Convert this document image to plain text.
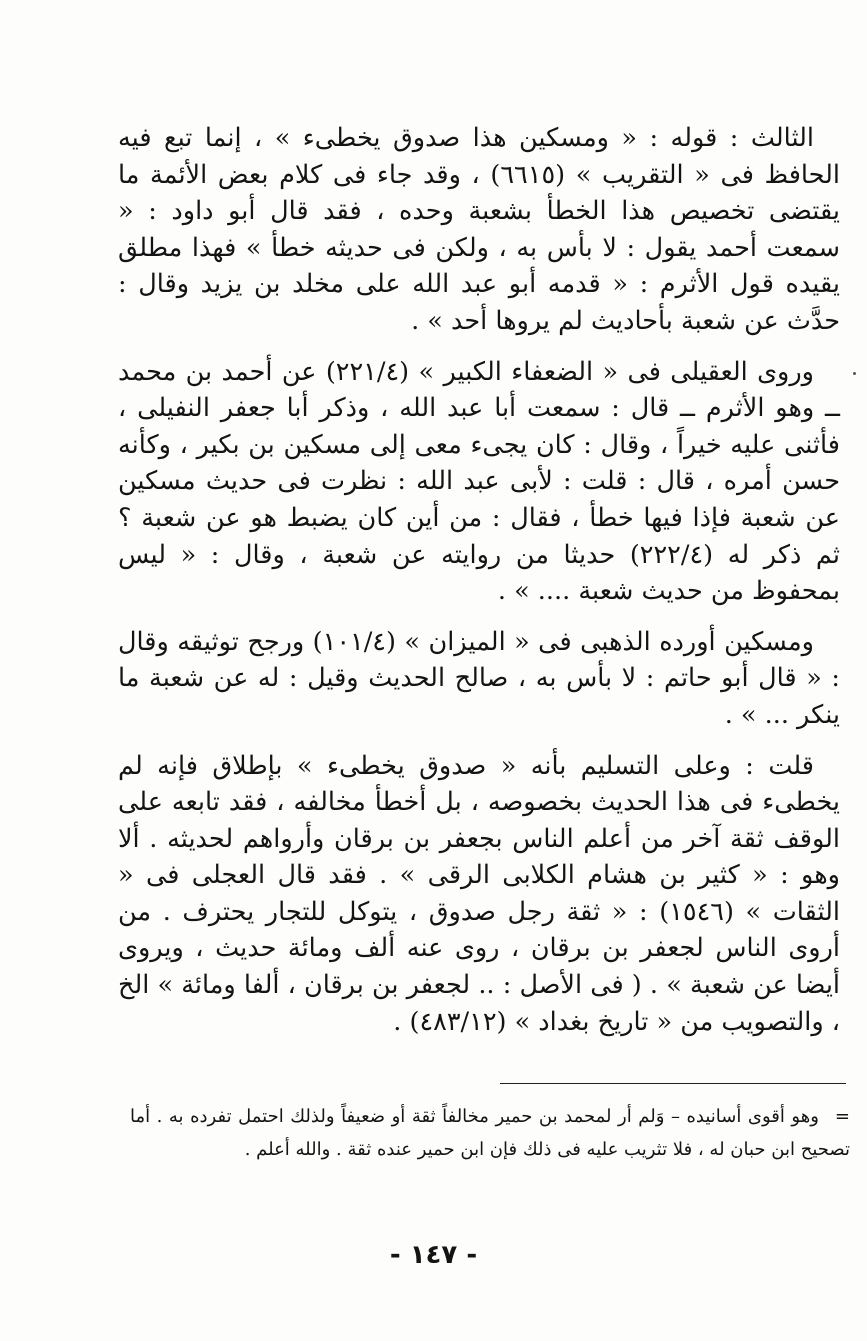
الثالث : قوله : « ومسكين هذا صدوق يخطىء » ، إنما تبع فيه الحافظ فى « التقريب » (٦٦١٥) ، وقد جاء فى كلام بعض الأئمة ما يقتضى تخصيص هذا الخطأ بشعبة وحده ، فقد قال أبو داود : « سمعت أحمد يقول : لا بأس به ، ولكن فى حديثه خطأ » فهذا مطلق يقيده قول الأثرم : « قدمه أبو عبد الله على مخلد بن يزيد وقال : حدَّث عن شعبة بأحاديث لم يروها أحد » .

وروى العقيلى فى « الضعفاء الكبير » (٢٢١/٤) عن أحمد بن محمد ــ وهو الأثرم ــ قال : سمعت أبا عبد الله ، وذكر أبا جعفر النفيلى ، فأثنى عليه خيراً ، وقال : كان يجىء معى إلى مسكين بن بكير ، وكأنه حسن أمره ، قال : قلت : لأبى عبد الله : نظرت فى حديث مسكين عن شعبة فإذا فيها خطأ ، فقال : من أين كان يضبط هو عن شعبة ؟ ثم ذكر له (٢٢٢/٤) حديثا من روايته عن شعبة ، وقال : « ليس بمحفوظ من حديث شعبة .... » .

ومسكين أورده الذهبى فى « الميزان » (١٠١/٤) ورجح توثيقه وقال : « قال أبو حاتم : لا بأس به ، صالح الحديث وقيل : له عن شعبة ما ينكر ... » .

قلت : وعلى التسليم بأنه « صدوق يخطىء » بإطلاق فإنه لم يخطىء فى هذا الحديث بخصوصه ، بل أخطأ مخالفه ، فقد تابعه على الوقف ثقة آخر من أعلم الناس بجعفر بن برقان وأرواهم لحديثه . ألا وهو : « كثير بن هشام الكلابى الرقى » . فقد قال العجلى فى « الثقات » (١٥٤٦) : « ثقة رجل صدوق ، يتوكل للتجار يحترف . من أروى الناس لجعفر بن برقان ، روى عنه ألف ومائة حديث ، ويروى أيضا عن شعبة » . ( فى الأصل : .. لجعفر بن برقان ، ألفا ومائة » الخ ، والتصويب من « تاريخ بغداد » (٤٨٣/١٢) .

=وهو أقوى أسانيده – وَلم أر لمحمد بن حمير مخالفاً ثقة أو ضعيفاً ولذلك احتمل تفرده به . أما تصحيح ابن حبان له ، فلا تثريب عليه فى ذلك فإن ابن حمير عنده ثقة . والله أعلم .
- ١٤٧ -
